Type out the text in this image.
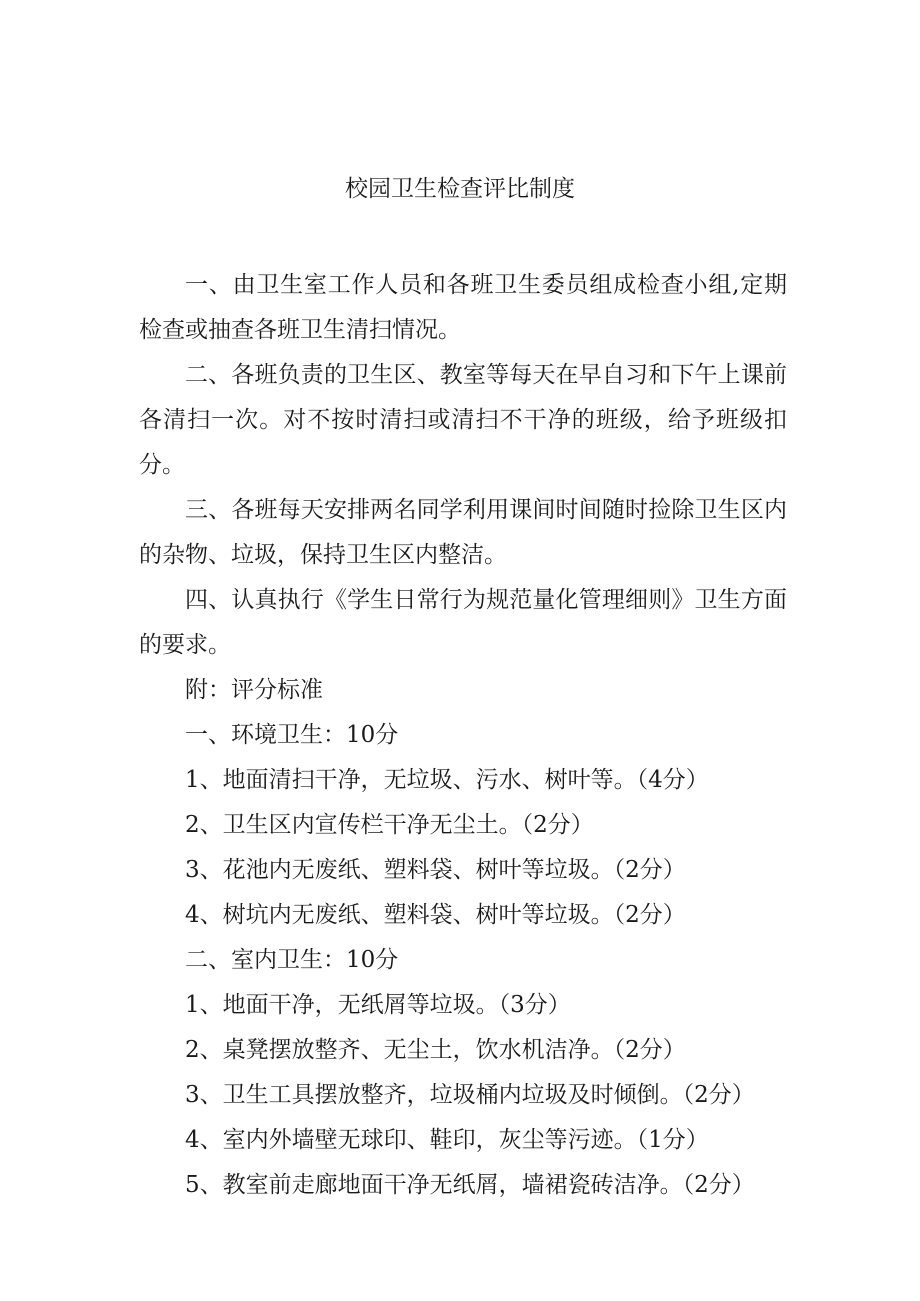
校园卫生检查评比制度

一、由卫生室工作人员和各班卫生委员组成检查小组,定期检查或抽查各班卫生清扫情况。

二、各班负责的卫生区、教室等每天在早自习和下午上课前各清扫一次。对不按时清扫或清扫不干净的班级，给予班级扣分。

三、各班每天安排两名同学利用课间时间随时捡除卫生区内的杂物、垃圾，保持卫生区内整洁。

四、认真执行《学生日常行为规范量化管理细则》卫生方面的要求。

附：评分标准

一、环境卫生：10分

1、地面清扫干净，无垃圾、污水、树叶等。（4分）

2、卫生区内宣传栏干净无尘土。（2分）

3、花池内无废纸、塑料袋、树叶等垃圾。（2分）

4、树坑内无废纸、塑料袋、树叶等垃圾。（2分）

二、室内卫生：10分

1、地面干净，无纸屑等垃圾。（3分）

2、桌凳摆放整齐、无尘土，饮水机洁净。（2分）

3、卫生工具摆放整齐，垃圾桶内垃圾及时倾倒。（2分）

4、室内外墙壁无球印、鞋印，灰尘等污迹。（1分）

5、教室前走廊地面干净无纸屑，墙裙瓷砖洁净。（2分）
